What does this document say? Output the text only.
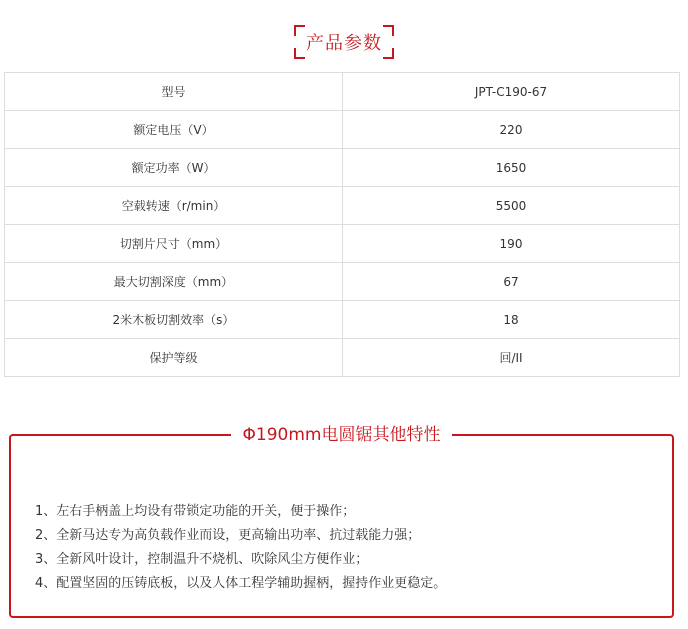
产品参数
型号	JPT-C190-67
额定电压（V）	220
额定功率（W）	1650
空载转速（r/min）	5500
切割片尺寸（mm）	190
最大切割深度（mm）	67
2米木板切割效率（s）	18
保护等级	回/II
Φ190mm电圆锯其他特性
1、左右手柄盖上均设有带锁定功能的开关，便于操作；
2、全新马达专为高负载作业而设，更高输出功率、抗过载能力强；
3、全新风叶设计，控制温升不烧机、吹除风尘方便作业；
4、配置坚固的压铸底板，以及人体工程学辅助握柄，握持作业更稳定。
